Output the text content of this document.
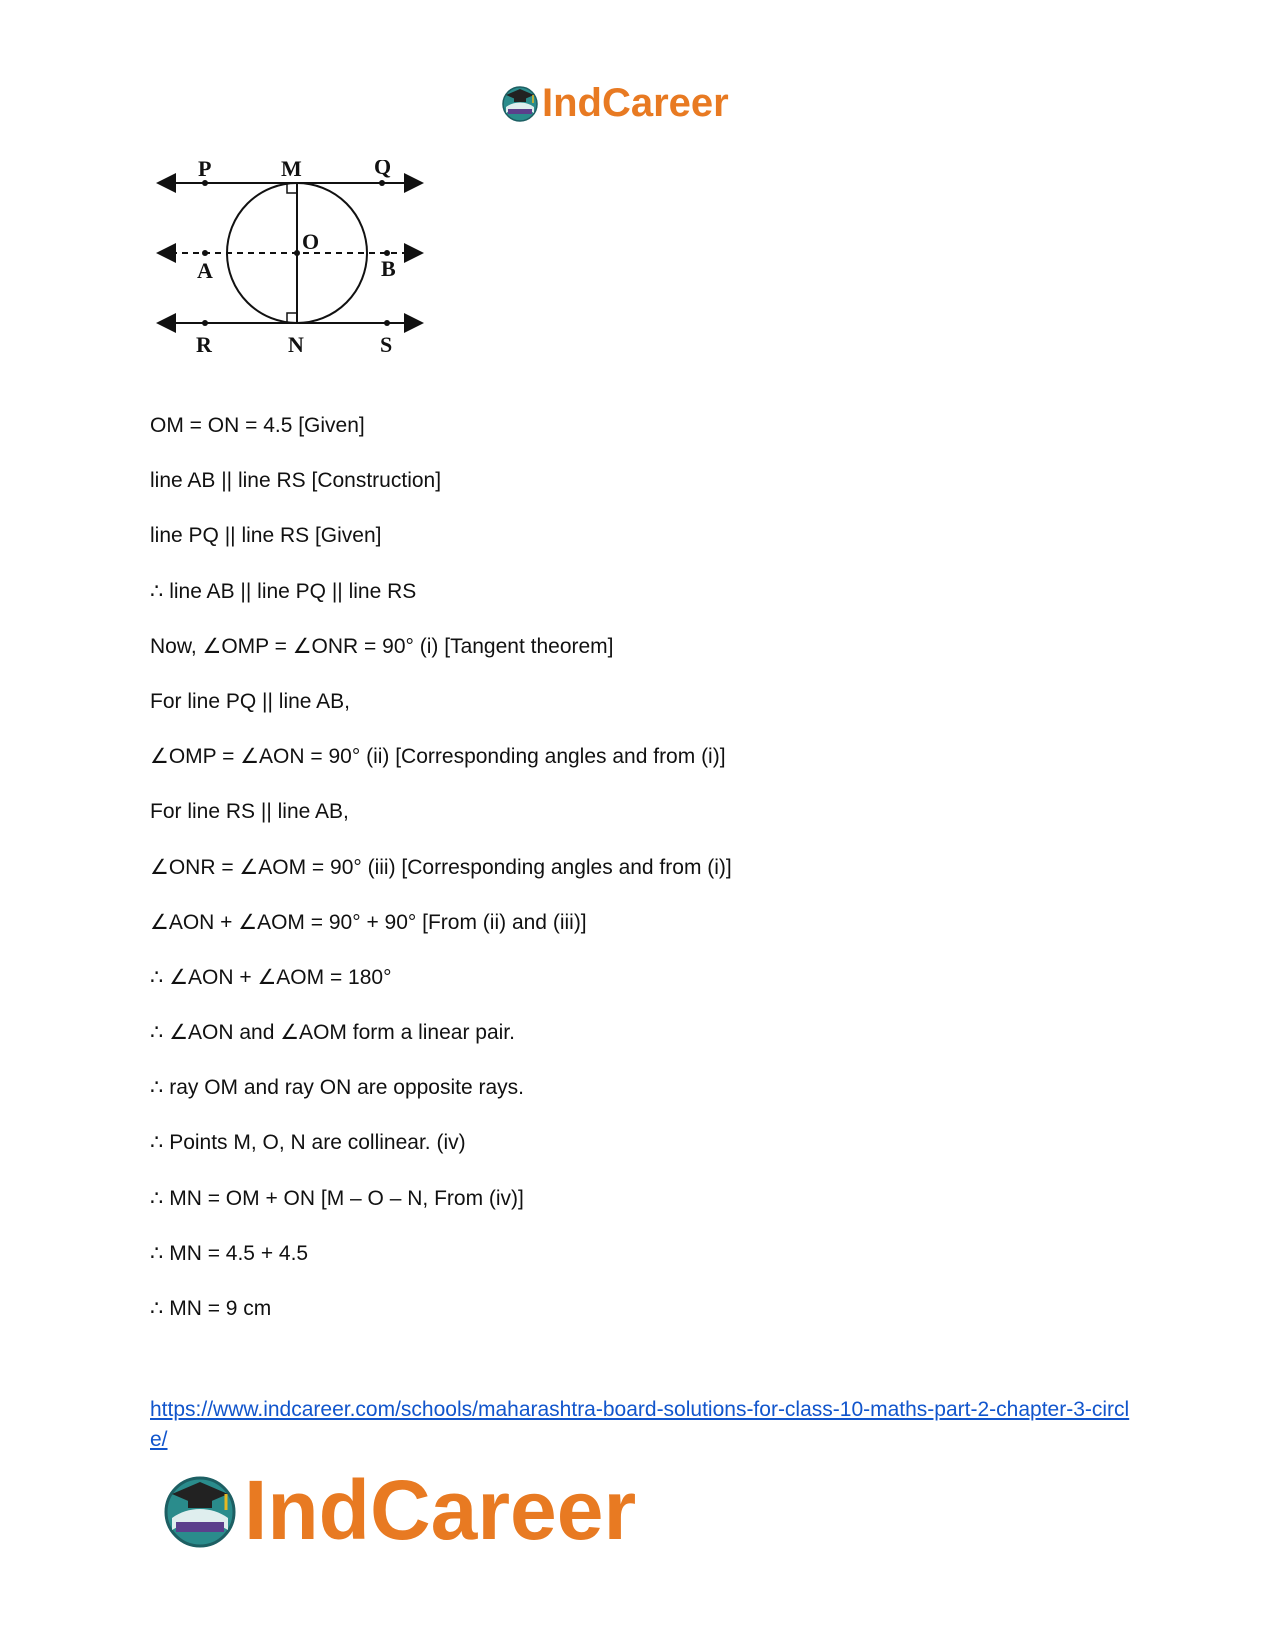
IndCareer
P	M	Q
O
A	B
R	N	S
OM = ON = 4.5 [Given]
line AB || line RS [Construction]
line PQ || line RS [Given]
∴ line AB || line PQ || line RS
Now, ∠OMP = ∠ONR = 90° (i) [Tangent theorem]
For line PQ || line AB,
∠OMP = ∠AON = 90° (ii) [Corresponding angles and from (i)]
For line RS || line AB,
∠ONR = ∠AOM = 90° (iii) [Corresponding angles and from (i)]
∠AON + ∠AOM = 90° + 90° [From (ii) and (iii)]
∴ ∠AON + ∠AOM = 180°
∴ ∠AON and ∠AOM form a linear pair.
∴ ray OM and ray ON are opposite rays.
∴ Points M, O, N are collinear. (iv)
∴ MN = OM + ON [M – O – N, From (iv)]
∴ MN = 4.5 + 4.5
∴ MN = 9 cm
https://www.indcareer.com/schools/maharashtra-board-solutions-for-class-10-maths-part-2-chapter-3-circle/
IndCareer
